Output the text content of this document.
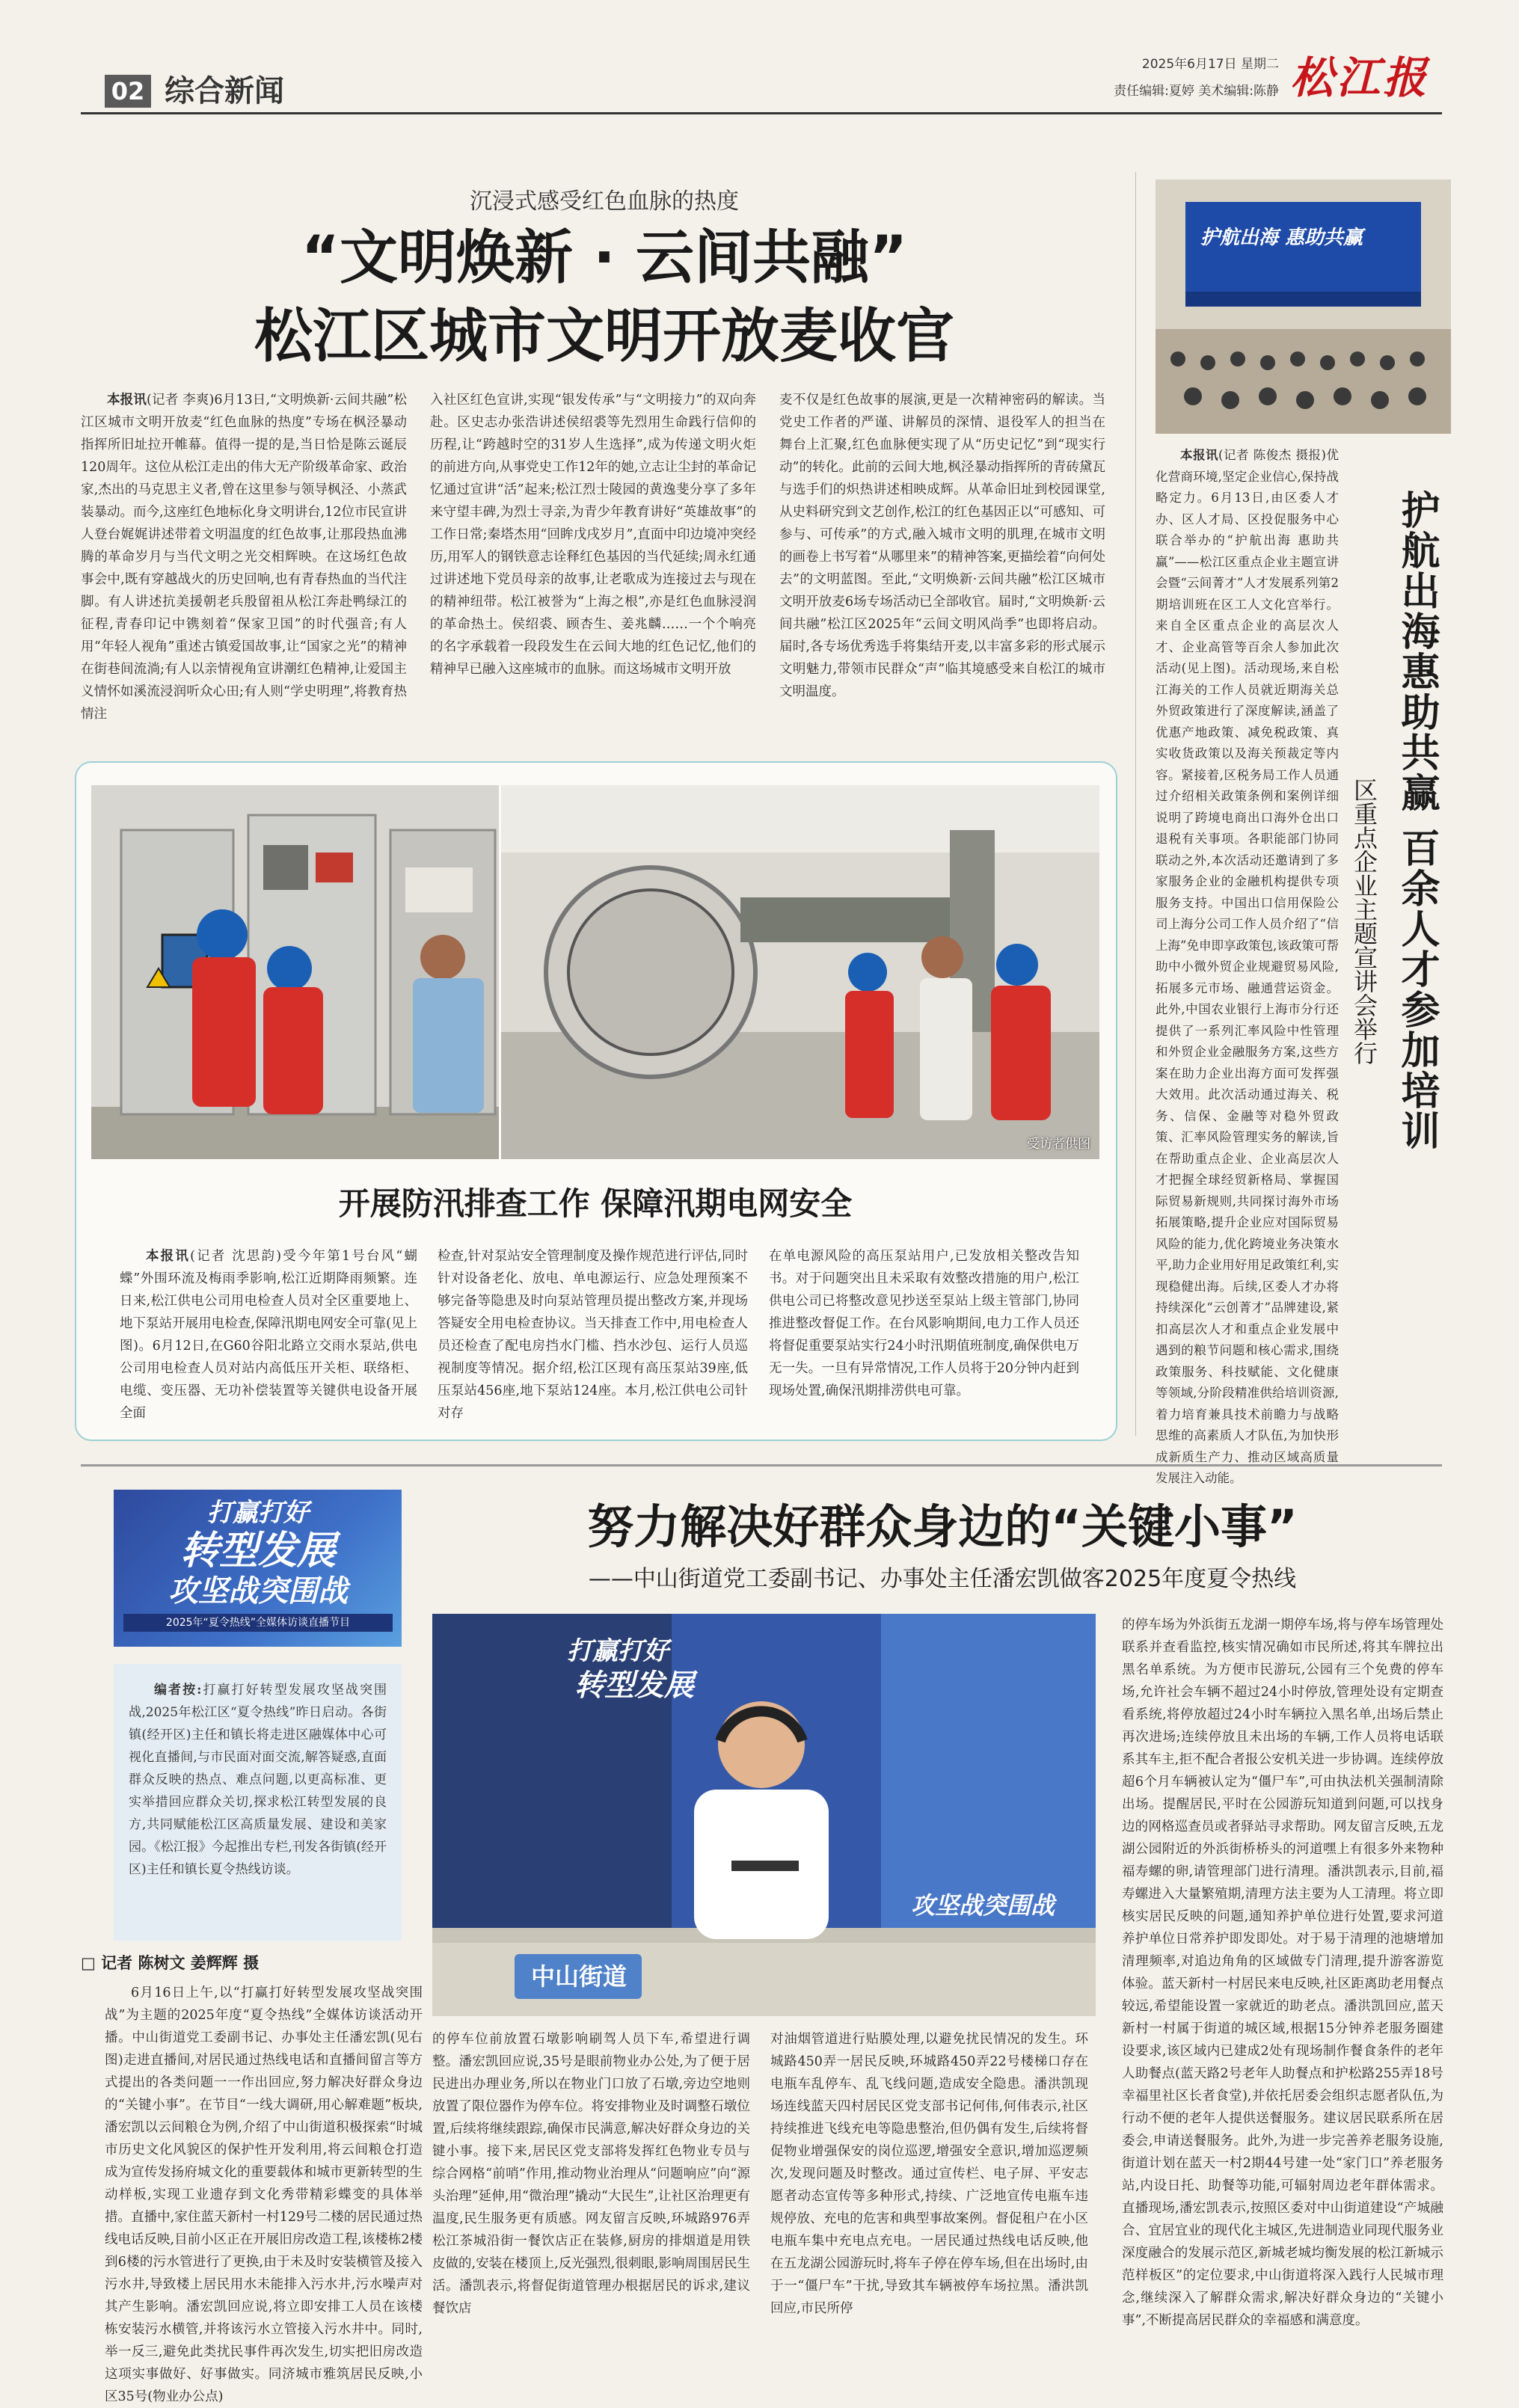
02 综合新闻
2025年6月17日 星期二
责任编辑:夏婷 美术编辑:陈静 松江报
沉浸式感受红色血脉的热度
“文明焕新 · 云间共融”
松江区城市文明开放麦收官

本报讯(记者 李爽)6月13日,“文明焕新·云间共融”松江区城市文明开放麦“红色血脉的热度”专场在枫泾暴动指挥所旧址拉开帷幕。值得一提的是,当日恰是陈云诞辰120周年。这位从松江走出的伟大无产阶级革命家、政治家,杰出的马克思主义者,曾在这里参与领导枫泾、小蒸武装暴动。而今,这座红色地标化身文明讲台,12位市民宣讲人登台娓娓讲述带着文明温度的红色故事,让那段热血沸腾的革命岁月与当代文明之光交相辉映。在这场红色故事会中,既有穿越战火的历史回响,也有青春热血的当代注脚。有人讲述抗美援朝老兵殷留祖从松江奔赴鸭绿江的征程,青春印记中镌刻着“保家卫国”的时代强音;有人用“年轻人视角”重述古镇爱国故事,让“国家之光”的精神在街巷间流淌;有人以亲情视角宣讲潮红色精神,让爱国主义情怀如溪流浸润听众心田;有人则“学史明理”,将教育热情注

入社区红色宣讲,实现“银发传承”与“文明接力”的双向奔赴。区史志办张浩讲述侯绍裘等先烈用生命践行信仰的历程,让“跨越时空的31岁人生选择”,成为传递文明火炬的前进方向,从事党史工作12年的她,立志让尘封的革命记忆通过宣讲“活”起来;松江烈士陵园的黄逸斐分享了多年来守望丰碑,为烈士寻亲,为青少年教育讲好“英雄故事”的工作日常;秦塔杰用“回眸戊戌岁月”,直面中印边境冲突经历,用军人的钢铁意志诠释红色基因的当代延续;周永红通过讲述地下党员母亲的故事,让老歌成为连接过去与现在的精神纽带。松江被誉为“上海之根”,亦是红色血脉浸润的革命热土。侯绍裘、顾杏生、姜兆麟……一个个响亮的名字承载着一段段发生在云间大地的红色记忆,他们的精神早已融入这座城市的血脉。而这场城市文明开放

麦不仅是红色故事的展演,更是一次精神密码的解读。当党史工作者的严谨、讲解员的深情、退役军人的担当在舞台上汇聚,红色血脉便实现了从“历史记忆”到“现实行动”的转化。此前的云间大地,枫泾暴动指挥所的青砖黛瓦与选手们的炽热讲述相映成辉。从革命旧址到校园课堂,从史料研究到文艺创作,松江的红色基因正以“可感知、可参与、可传承”的方式,融入城市文明的肌理,在城市文明的画卷上书写着“从哪里来”的精神答案,更描绘着“向何处去”的文明蓝图。至此,“文明焕新·云间共融”松江区城市文明开放麦6场专场活动已全部收官。届时,“文明焕新·云间共融”松江区2025年“云间文明风尚季”也即将启动。届时,各专场优秀选手将集结开麦,以丰富多彩的形式展示文明魅力,带领市民群众“声”临其境感受来自松江的城市文明温度。

受访者供图
开展防汛排查工作 保障汛期电网安全

本报讯(记者 沈思韵)受今年第1号台风“蝴蝶”外围环流及梅雨季影响,松江近期降雨频繁。连日来,松江供电公司用电检查人员对全区重要地上、地下泵站开展用电检查,保障汛期电网安全可靠(见上图)。6月12日,在G60谷阳北路立交雨水泵站,供电公司用电检查人员对站内高低压开关柜、联络柜、电缆、变压器、无功补偿装置等关键供电设备开展全面

检查,针对泵站安全管理制度及操作规范进行评估,同时针对设备老化、放电、单电源运行、应急处理预案不够完备等隐患及时向泵站管理员提出整改方案,并现场答疑安全用电检查协议。当天排查工作中,用电检查人员还检查了配电房挡水门槛、挡水沙包、运行人员巡视制度等情况。据介绍,松江区现有高压泵站39座,低压泵站456座,地下泵站124座。本月,松江供电公司针对存

在单电源风险的高压泵站用户,已发放相关整改告知书。对于问题突出且未采取有效整改措施的用户,松江供电公司已将整改意见抄送至泵站上级主管部门,协同推进整改督促工作。在台风影响期间,电力工作人员还将督促重要泵站实行24小时汛期值班制度,确保供电万无一失。一旦有异常情况,工作人员将于20分钟内赶到现场处置,确保汛期排涝供电可靠。

护航出海 惠助共赢
护航出海惠助共赢 百余人才参加培训
区重点企业主题宣讲会举行

本报讯(记者 陈俊杰 摄报)优化营商环境,坚定企业信心,保持战略定力。6月13日,由区委人才办、区人才局、区投促服务中心联合举办的“护航出海 惠助共赢”——松江区重点企业主题宣讲会暨“云间菁才”人才发展系列第2期培训班在区工人文化宫举行。来自全区重点企业的高层次人才、企业高管等百余人参加此次活动(见上图)。活动现场,来自松江海关的工作人员就近期海关总外贸政策进行了深度解读,涵盖了优惠产地政策、减免税政策、真实收货政策以及海关预裁定等内容。紧接着,区税务局工作人员通过介绍相关政策条例和案例详细说明了跨境电商出口海外仓出口退税有关事项。各职能部门协同联动之外,本次活动还邀请到了多家服务企业的金融机构提供专项服务支持。中国出口信用保险公司上海分公司工作人员介绍了“信上海”免申即享政策包,该政策可帮助中小微外贸企业规避贸易风险,拓展多元市场、融通营运资金。此外,中国农业银行上海市分行还提供了一系列汇率风险中性管理和外贸企业金融服务方案,这些方案在助力企业出海方面可发挥强大效用。此次活动通过海关、税务、信保、金融等对稳外贸政策、汇率风险管理实务的解读,旨在帮助重点企业、企业高层次人才把握全球经贸新格局、掌握国际贸易新规则,共同探讨海外市场拓展策略,提升企业应对国际贸易风险的能力,优化跨境业务决策水平,助力企业用好用足政策红利,实现稳健出海。后续,区委人才办将持续深化“云创菁才”品牌建设,紧扣高层次人才和重点企业发展中遇到的粮节问题和核心需求,围绕政策服务、科技赋能、文化健康等领域,分阶段精准供给培训资源,着力培育兼具技术前瞻力与战略思维的高素质人才队伍,为加快形成新质生产力、推动区域高质量发展注入动能。

打赢打好
转型发展
攻坚战突围战
2025年“夏令热线”全媒体访谈直播节目
编者按:打赢打好转型发展攻坚战突围战,2025年松江区“夏令热线”昨日启动。各街镇(经开区)主任和镇长将走进区融媒体中心可视化直播间,与市民面对面交流,解答疑惑,直面群众反映的热点、难点问题,以更高标准、更实举措回应群众关切,探求松江转型发展的良方,共同赋能松江区高质量发展、建设和美家园。《松江报》今起推出专栏,刊发各街镇(经开区)主任和镇长夏令热线访谈。
□ 记者 陈树文 姜辉辉 摄
努力解决好群众身边的“关键小事”
——中山街道党工委副书记、办事处主任潘宏凯做客2025年度夏令热线
打赢打好
转型发展
攻坚战突围战
中山街道

6月16日上午,以“打赢打好转型发展攻坚战突围战”为主题的2025年度“夏令热线”全媒体访谈活动开播。中山街道党工委副书记、办事处主任潘宏凯(见右图)走进直播间,对居民通过热线电话和直播间留言等方式提出的各类问题一一作出回应,努力解决好群众身边的“关键小事”。在节目“一线大调研,用心解难题”板块,潘宏凯以云间粮仓为例,介绍了中山街道积极探索“时城市历史文化风貌区的保护性开发利用,将云间粮仓打造成为宣传发扬府城文化的重要载体和城市更新转型的生动样板,实现工业遗存到文化秀带精彩蝶变的具体举措。直播中,家住蓝天新村一村129号二楼的居民通过热线电话反映,目前小区正在开展旧房改造工程,该楼栋2楼到6楼的污水管进行了更换,由于未及时安装横管及接入污水井,导致楼上居民用水未能排入污水井,污水噪声对其产生影响。潘宏凯回应说,将立即安排工人员在该楼栋安装污水横管,并将该污水立管接入污水井中。同时,举一反三,避免此类扰民事件再次发生,切实把旧房改造这项实事做好、好事做实。同济城市雅筑居民反映,小区35号(物业办公点)

的停车位前放置石墩影响刷驾人员下车,希望进行调整。潘宏凯回应说,35号是眼前物业办公处,为了便于居民进出办理业务,所以在物业门口放了石墩,旁边空地则放置了限位器作为停车位。将安排物业及时调整石墩位置,后续将继续跟踪,确保市民满意,解决好群众身边的关键小事。接下来,居民区党支部将发挥红色物业专员与综合网格“前哨”作用,推动物业治理从“问题响应”向“源头治理”延伸,用“微治理”撬动“大民生”,让社区治理更有温度,民生服务更有质感。网友留言反映,环城路976弄松江茶城沿街一餐饮店正在装修,厨房的排烟道是用铁皮做的,安装在楼顶上,反光强烈,很刺眼,影响周围居民生活。潘凯表示,将督促街道管理办根据居民的诉求,建议餐饮店

对油烟管道进行贴膜处理,以避免扰民情况的发生。环城路450弄一居民反映,环城路450弄22号楼梯口存在电瓶车乱停车、乱飞线问题,造成安全隐患。潘洪凯现场连线蓝天四村居民区党支部书记何伟,何伟表示,社区持续推进飞线充电等隐患整治,但仍偶有发生,后续将督促物业增强保安的岗位巡逻,增强安全意识,增加巡逻频次,发现问题及时整改。通过宣传栏、电子屏、平安志愿者动态宣传等多种形式,持续、广泛地宣传电瓶车违规停放、充电的危害和典型事故案例。督促租户在小区电瓶车集中充电点充电。一居民通过热线电话反映,他在五龙湖公园游玩时,将车子停在停车场,但在出场时,由于一“僵尸车”干扰,导致其车辆被停车场拉黑。潘洪凯回应,市民所停

的停车场为外浜街五龙湖一期停车场,将与停车场管理处联系并查看监控,核实情况确如市民所述,将其车牌拉出黑名单系统。为方便市民游玩,公园有三个免费的停车场,允许社会车辆不超过24小时停放,管理处设有定期查看系统,将停放超过24小时车辆拉入黑名单,出场后禁止再次进场;连续停放且未出场的车辆,工作人员将电话联系其车主,拒不配合者报公安机关进一步协调。连续停放超6个月车辆被认定为“僵尸车”,可由执法机关强制清除出场。提醒居民,平时在公园游玩知道到问题,可以找身边的网格巡查员或者驿站寻求帮助。网友留言反映,五龙湖公园附近的外浜街桥桥头的河道嘿上有很多外来物种福寿螺的卵,请管理部门进行清理。潘洪凯表示,目前,福寿螺进入大量繁殖期,清理方法主要为人工清理。将立即核实居民反映的问题,通知养护单位进行处置,要求河道养护单位日常养护即发即处。对于易于清理的池塘增加清理频率,对追边角角的区域做专门清理,提升游客游览体验。蓝天新村一村居民来电反映,社区距离助老用餐点较远,希望能设置一家就近的助老点。潘洪凯回应,蓝天新村一村属于街道的城区域,根据15分钟养老服务圈建设要求,该区域内已建成2处有现场制作餐食条件的老年人助餐点(蓝天路2号老年人助餐点和护松路255弄18号幸福里社区长者食堂),并依托居委会组织志愿者队伍,为行动不便的老年人提供送餐服务。建议居民联系所在居委会,申请送餐服务。此外,为进一步完善养老服务设施,街道计划在蓝天一村2期44号建一处“家门口”养老服务站,内设日托、助餐等功能,可辐射周边老年群体需求。直播现场,潘宏凯表示,按照区委对中山街道建设“产城融合、宜居宜业的现代化主城区,先进制造业同现代服务业深度融合的发展示范区,新城老城均衡发展的松江新城示范样板区”的定位要求,中山街道将深入践行人民城市理念,继续深入了解群众需求,解决好群众身边的“关键小事”,不断提高居民群众的幸福感和满意度。
